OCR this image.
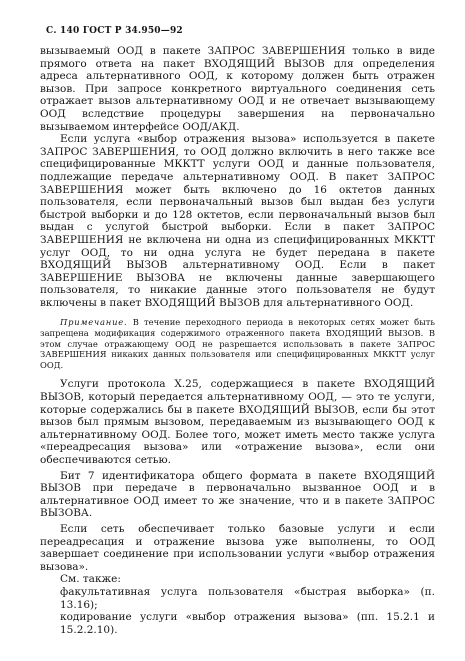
С. 140 ГОСТ Р 34.950—92

вызываемый ООД в пакете ЗАПРОС ЗАВЕРШЕНИЯ только в виде прямого ответа на пакет ВХОДЯЩИЙ ВЫЗОВ для определения адреса альтернативного ООД, к которому должен быть отражен вызов. При запросе конкретного виртуального соединения сеть отражает вызов альтернативному ООД и не отвечает вызывающему ООД вследствие процедуры завершения на первоначально вызываемом интерфейсе ООД/АКД.

Если услуга «выбор отражения вызова» используется в пакете ЗАПРОС ЗАВЕРШЕНИЯ, то ООД должно включить в него также все специфицированные МККТТ услуги ООД и данные пользователя, подлежащие передаче альтернативному ООД. В пакет ЗАПРОС ЗАВЕРШЕНИЯ может быть включено до 16 октетов данных пользователя, если первоначальный вызов был выдан без услуги быстрой выборки и до 128 октетов, если первоначальный вызов был выдан с услугой быстрой выборки. Если в пакет ЗАПРОС ЗАВЕРШЕНИЯ не включена ни одна из специфицированных МККТТ услуг ООД, то ни одна услуга не будет передана в пакете ВХОДЯЩИЙ ВЫЗОВ альтернативному ООД. Если в пакет ЗАВЕРШЕНИЕ ВЫЗОВА не включены данные завершающего пользователя, то никакие данные этого пользователя не будут включены в пакет ВХОДЯЩИЙ ВЫЗОВ для альтернативного ООД.

Примечание. В течение переходного периода в некоторых сетях может быть запрещена модификация содержимого отраженного пакета ВХОДЯЩИЙ ВЫЗОВ. В этом случае отражающему ООД не разрешается использовать в пакете ЗАПРОС ЗАВЕРШЕНИЯ никаких данных пользователя или специфицированных МККТТ услуг ООД.

Услуги протокола X.25, содержащиеся в пакете ВХОДЯЩИЙ ВЫЗОВ, который передается альтернативному ООД, — это те услуги, которые содержались бы в пакете ВХОДЯЩИЙ ВЫЗОВ, если бы этот вызов был прямым вызовом, передаваемым из вызывающего ООД к альтернативному ООД. Более того, может иметь место также услуга «переадресация вызова» или «отражение вызова», если они обеспечиваются сетью.

Бит 7 идентификатора общего формата в пакете ВХОДЯЩИЙ ВЫЗОВ при передаче в первоначально вызванное ООД и в альтернативное ООД имеет то же значение, что и в пакете ЗАПРОС ВЫЗОВА.

Если сеть обеспечивает только базовые услуги и если переадресация и отражение вызова уже выполнены, то ООД завершает соединение при использовании услуги «выбор отражения вызова».

См. также:

факультативная услуга пользователя «быстрая выборка» (п. 13.16);

кодирование услуги «выбор отражения вызова» (пп. 15.2.1 и 15.2.2.10).
